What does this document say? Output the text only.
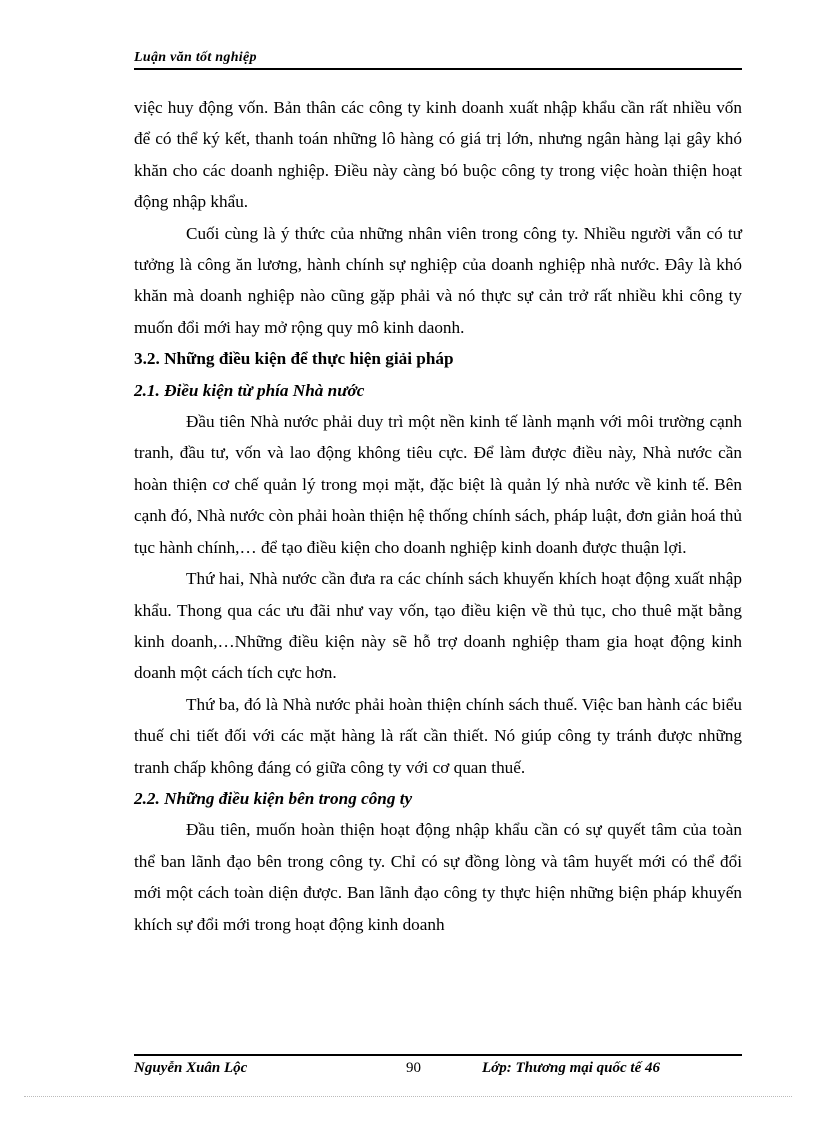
Luận văn tốt nghiệp

việc huy động vốn. Bản thân các công ty kinh doanh xuất nhập khẩu cần rất nhiều vốn để có thể ký kết, thanh toán những lô hàng có giá trị lớn, nhưng ngân hàng lại gây khó khăn cho các doanh nghiệp. Điều này càng bó buộc công ty trong việc hoàn thiện hoạt động nhập khẩu.

Cuối cùng là ý thức của những nhân viên trong công ty. Nhiều người vẫn có tư tưởng là công ăn lương, hành chính sự nghiệp của doanh nghiệp nhà nước. Đây là khó khăn mà doanh nghiệp nào cũng gặp phải và nó thực sự cản trở rất nhiều khi công ty muốn đổi mới hay mở rộng quy mô kinh daonh.

3.2. Những điều kiện để thực hiện giải pháp

2.1. Điều kiện từ phía Nhà nước

Đầu tiên Nhà nước phải duy trì một nền kinh tế lành mạnh với môi trường cạnh tranh, đầu tư, vốn và lao động không tiêu cực. Để làm được điều này, Nhà nước cần hoàn thiện cơ chế quản lý trong mọi mặt, đặc biệt là quản lý nhà nước về kinh tế. Bên cạnh đó, Nhà nước còn phải hoàn thiện hệ thống chính sách, pháp luật, đơn giản hoá thủ tục hành chính,… để tạo điều kiện cho doanh nghiệp kinh doanh được thuận lợi.

Thứ hai, Nhà nước cần đưa ra các chính sách khuyến khích hoạt động xuất nhập khẩu. Thong qua các ưu đãi như vay vốn, tạo điều kiện về thủ tục, cho thuê mặt bằng kinh doanh,…Những điều kiện này sẽ hỗ trợ doanh nghiệp tham gia hoạt động kinh doanh một cách tích cực hơn.

Thứ ba, đó là Nhà nước phải hoàn thiện chính sách thuế. Việc ban hành các biểu thuế chi tiết đối với các mặt hàng là rất cần thiết. Nó giúp công ty tránh được những tranh chấp không đáng có giữa công ty với cơ quan thuế.

2.2. Những điều kiện bên trong công ty

Đầu tiên, muốn hoàn thiện hoạt động nhập khẩu cần có sự quyết tâm của toàn thể ban lãnh đạo bên trong công ty. Chỉ có sự đồng lòng và tâm huyết mới có thể đổi mới một cách toàn diện được. Ban lãnh đạo công ty thực hiện những biện pháp khuyến khích sự đổi mới trong hoạt động kinh doanh

Nguyễn Xuân Lộc	90	Lớp: Thương mại quốc tế 46
